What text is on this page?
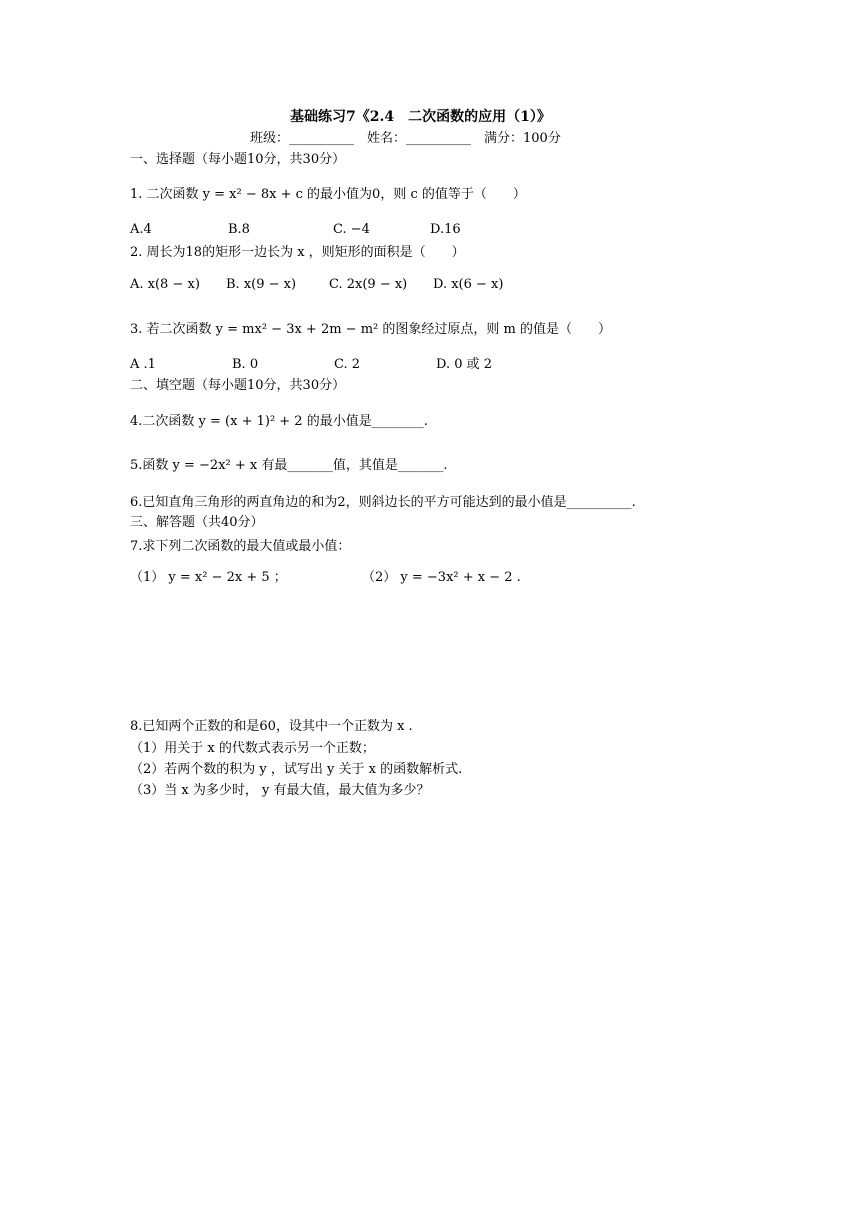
基础练习7《2.4　二次函数的应用（1）》
班级：__________　姓名：__________　满分：100分
一、选择题（每小题10分，共30分）
1. 二次函数 y = x² − 8x + c 的最小值为0，则 c 的值等于（　　）
A.4	B.8	C. −4	D.16
2. 周长为18的矩形一边长为 x ，则矩形的面积是（　　）
A. x(8 − x) B. x(9 − x)	C. 2x(9 − x) D. x(6 − x)
3. 若二次函数 y = mx² − 3x + 2m − m² 的图象经过原点，则 m 的值是（　　）
A .1	B. 0	C. 2	D. 0 或 2
二、填空题（每小题10分，共30分）
4.二次函数 y = (x + 1)² + 2 的最小值是________.
5.函数 y = −2x² + x 有最_______值，其值是_______.
6.已知直角三角形的两直角边的和为2，则斜边长的平方可能达到的最小值是__________.
三、解答题（共40分）
7.求下列二次函数的最大值或最小值：
（1） y = x² − 2x + 5 ；	（2） y = −3x² + x − 2 .
8.已知两个正数的和是60，设其中一个正数为 x .
（1）用关于 x 的代数式表示另一个正数；
（2）若两个数的积为 y ，试写出 y 关于 x 的函数解析式.
（3）当 x 为多少时， y 有最大值，最大值为多少？
